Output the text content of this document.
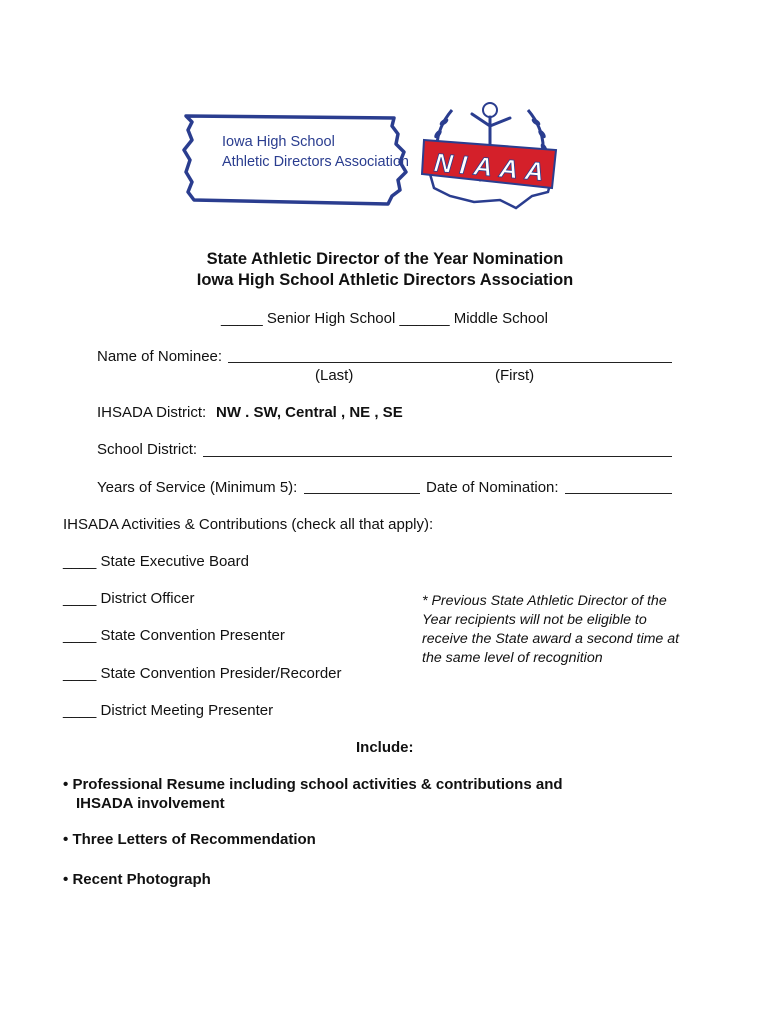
Iowa High School
Athletic Directors Association NIAAA
State Athletic Director of the Year Nomination
Iowa High School Athletic Directors Association
_____ Senior High School ______ Middle School
Name of Nominee:
(Last)	(First)
IHSADA District: NW . SW, Central , NE , SE
School District:
Years of Service (Minimum 5):	Date of Nomination:
IHSADA Activities & Contributions (check all that apply):
____ State Executive Board
____ District Officer
____ State Convention Presenter
____ State Convention Presider/Recorder
____ District Meeting Presenter
* Previous State Athletic Director of the Year recipients will not be eligible to receive the State award a second time at the same level of recognition
Include:
• Professional Resume including school activities & contributions and
IHSADA involvement
• Three Letters of Recommendation
• Recent Photograph
